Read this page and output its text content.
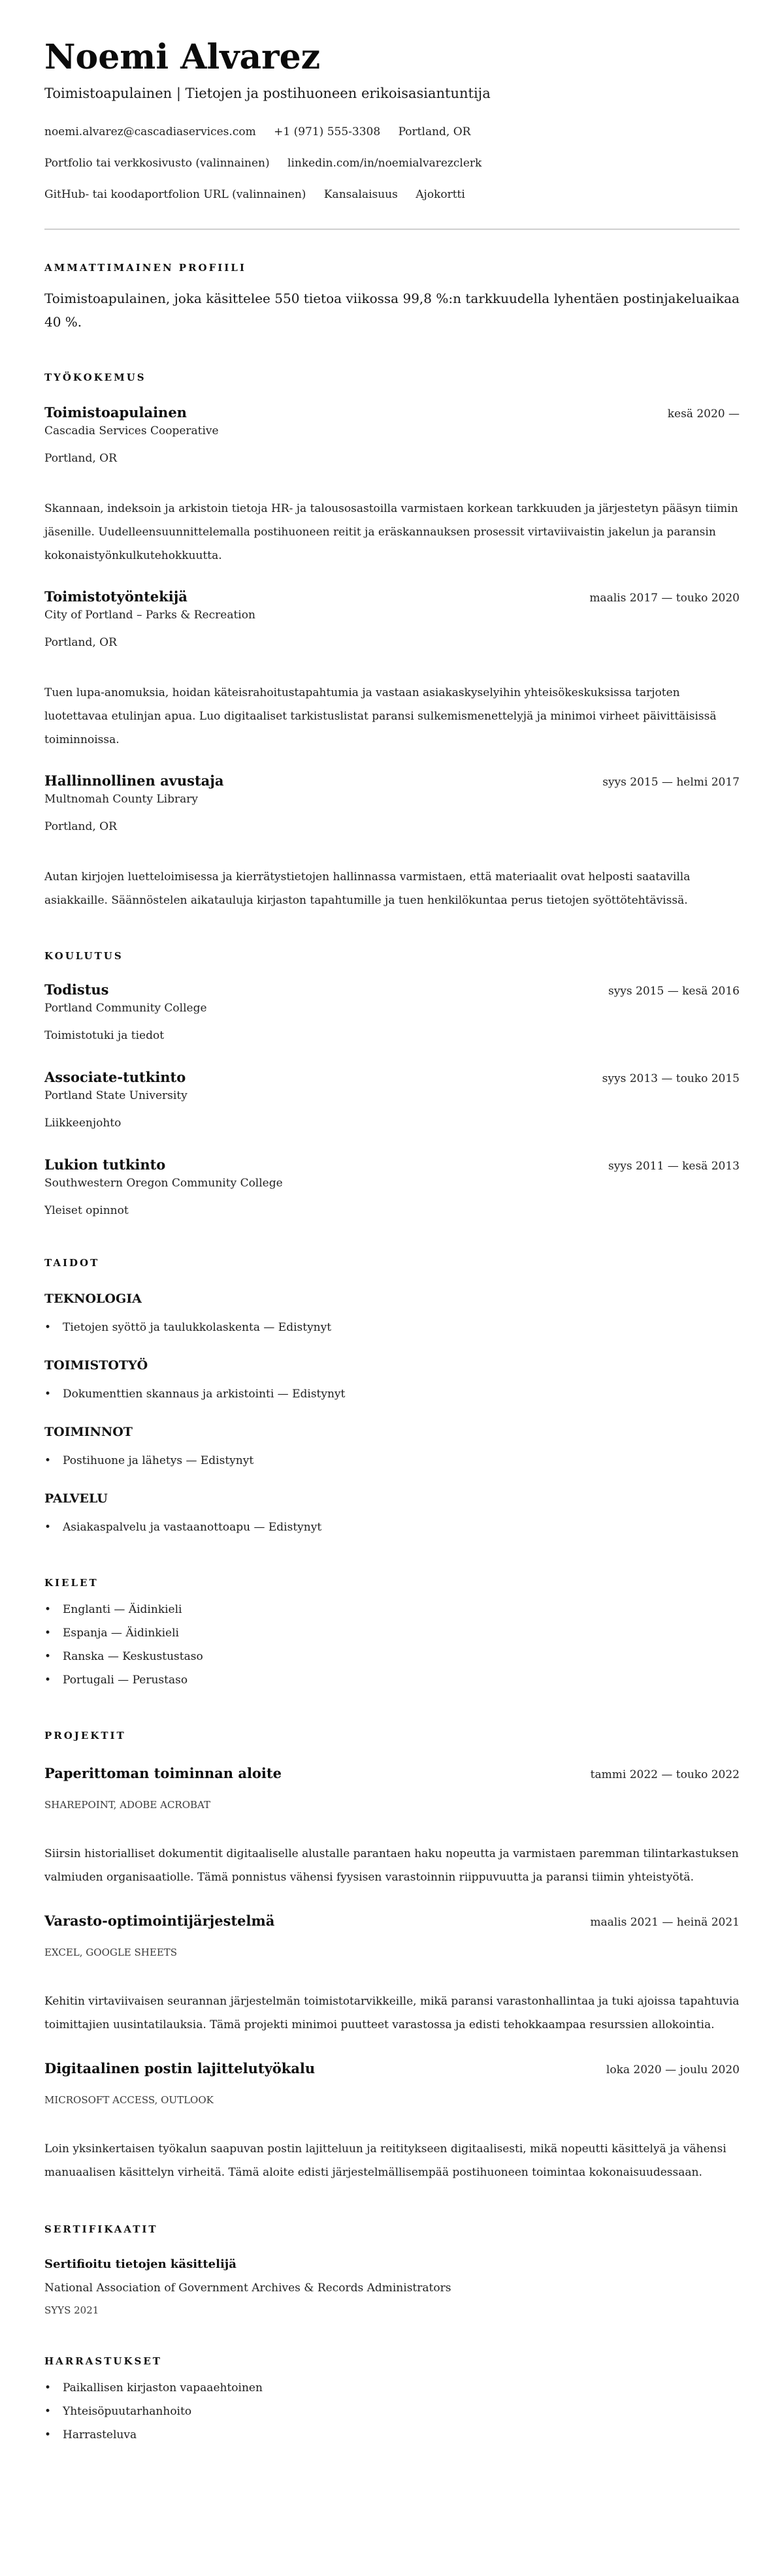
Noemi Alvarez
Toimistoapulainen | Tietojen ja postihuoneen erikoisasiantuntija
noemi.alvarez@cascadiaservices.com +1 (971) 555-3308 Portland, OR
Portfolio tai verkkosivusto (valinnainen) linkedin.com/in/noemialvarezclerk
GitHub- tai koodaportfolion URL (valinnainen) Kansalaisuus Ajokortti
AMMATTIMAINEN PROFIILI

Toimistoapulainen, joka käsittelee 550 tietoa viikossa 99,8 %:n tarkkuudella lyhentäen postinjakeluaikaa 40 %.

TYÖKOKEMUS
Toimistoapulainen	kesä 2020 —
Cascadia Services Cooperative
Portland, OR

Skannaan, indeksoin ja arkistoin tietoja HR- ja talousosastoilla varmistaen korkean tarkkuuden ja järjestetyn pääsyn tiimin jäsenille. Uudelleensuunnittelemalla postihuoneen reitit ja eräskannauksen prosessit virtaviivaistin jakelun ja paransin kokonaistyönkulkutehokkuutta.

Toimistotyöntekijä	maalis 2017 — touko 2020
City of Portland – Parks & Recreation
Portland, OR

Tuen lupa-anomuksia, hoidan käteisrahoitustapahtumia ja vastaan asiakaskyselyihin yhteisökeskuksissa tarjoten luotettavaa etulinjan apua. Luo digitaaliset tarkistuslistat paransi sulkemismenettelyjä ja minimoi virheet päivittäisissä toiminnoissa.

Hallinnollinen avustaja	syys 2015 — helmi 2017
Multnomah County Library
Portland, OR

Autan kirjojen luetteloimisessa ja kierrätystietojen hallinnassa varmistaen, että materiaalit ovat helposti saatavilla asiakkaille. Säännöstelen aikatauluja kirjaston tapahtumille ja tuen henkilökuntaa perus tietojen syöttötehtävissä.

KOULUTUS
Todistus	syys 2015 — kesä 2016
Portland Community College
Toimistotuki ja tiedot
Associate-tutkinto	syys 2013 — touko 2015
Portland State University
Liikkeenjohto
Lukion tutkinto	syys 2011 — kesä 2013
Southwestern Oregon Community College
Yleiset opinnot
TAIDOT
TEKNOLOGIA
• Tietojen syöttö ja taulukkolaskenta — Edistynyt
TOIMISTOTYÖ
• Dokumenttien skannaus ja arkistointi — Edistynyt
TOIMINNOT
• Postihuone ja lähetys — Edistynyt
PALVELU
• Asiakaspalvelu ja vastaanottoapu — Edistynyt
KIELET
• Englanti — Äidinkieli
• Espanja — Äidinkieli
• Ranska — Keskustustaso
• Portugali — Perustaso
PROJEKTIT
Paperittoman toiminnan aloite	tammi 2022 — touko 2022
SHAREPOINT, ADOBE ACROBAT

Siirsin historialliset dokumentit digitaaliselle alustalle parantaen haku nopeutta ja varmistaen paremman tilintarkastuksen valmiuden organisaatiolle. Tämä ponnistus vähensi fyysisen varastoinnin riippuvuutta ja paransi tiimin yhteistyötä.

Varasto-optimointijärjestelmä	maalis 2021 — heinä 2021
EXCEL, GOOGLE SHEETS

Kehitin virtaviivaisen seurannan järjestelmän toimistotarvikkeille, mikä paransi varastonhallintaa ja tuki ajoissa tapahtuvia toimittajien uusintatilauksia. Tämä projekti minimoi puutteet varastossa ja edisti tehokkaampaa resurssien allokointia.

Digitaalinen postin lajittelutyökalu	loka 2020 — joulu 2020
MICROSOFT ACCESS, OUTLOOK

Loin yksinkertaisen työkalun saapuvan postin lajitteluun ja reititykseen digitaalisesti, mikä nopeutti käsittelyä ja vähensi manuaalisen käsittelyn virheitä. Tämä aloite edisti järjestelmällisempää postihuoneen toimintaa kokonaisuudessaan.

SERTIFIKAATIT
Sertifioitu tietojen käsittelijä
National Association of Government Archives & Records Administrators
SYYS 2021
HARRASTUKSET
• Paikallisen kirjaston vapaaehtoinen
• Yhteisöpuutarhanhoito
• Harrasteluva
